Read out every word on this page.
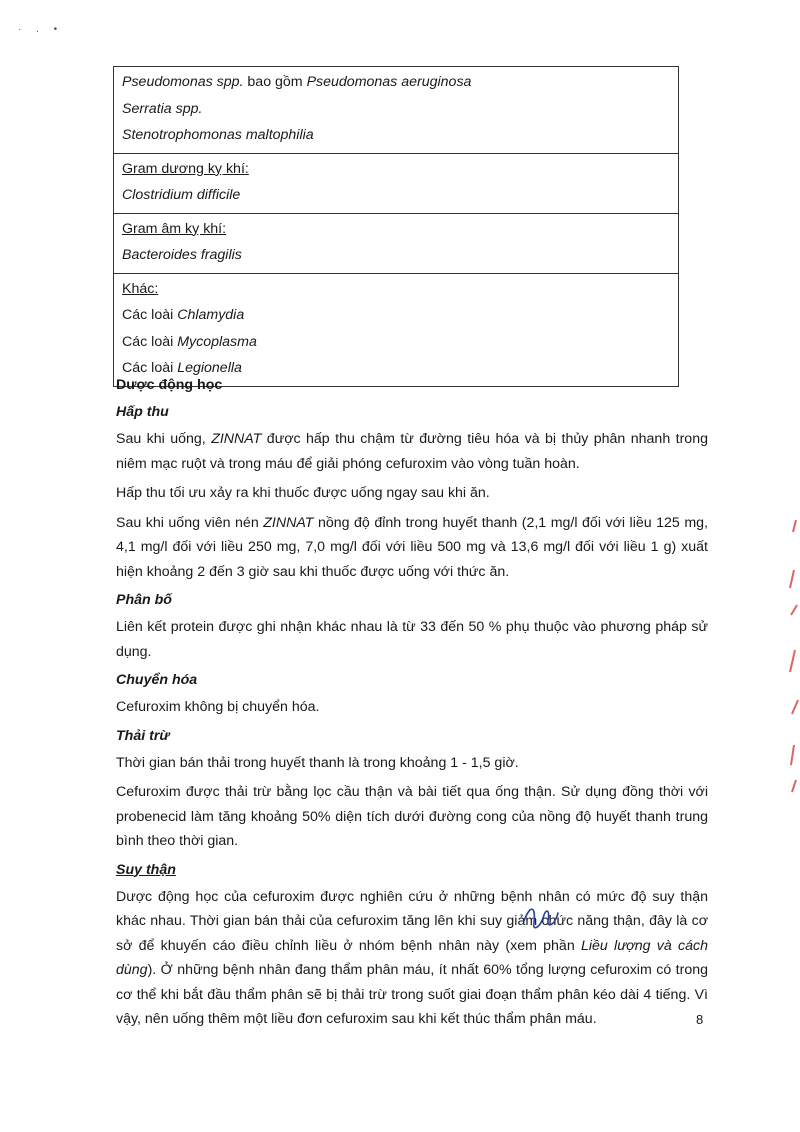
· . •
Pseudomonas spp. bao gồm Pseudomonas aeruginosa
Serratia spp.
Stenotrophomonas maltophilia

Gram dương kỵ khí:
Clostridium difficile

Gram âm kỵ khí:
Bacteroides fragilis

Khác:
Các loài Chlamydia
Các loài Mycoplasma
Các loài Legionella
Dược động học
Hấp thu

Sau khi uống, ZINNAT được hấp thu chậm từ đường tiêu hóa và bị thủy phân nhanh trong niêm mạc ruột và trong máu để giải phóng cefuroxim vào vòng tuần hoàn.

Hấp thu tối ưu xảy ra khi thuốc được uống ngay sau khi ăn.

Sau khi uống viên nén ZINNAT nồng độ đỉnh trong huyết thanh (2,1 mg/l đối với liều 125 mg, 4,1 mg/l đối với liều 250 mg, 7,0 mg/l đối với liều 500 mg và 13,6 mg/l đối với liều 1 g) xuất hiện khoảng 2 đến 3 giờ sau khi thuốc được uống với thức ăn.

Phân bố

Liên kết protein được ghi nhận khác nhau là từ 33 đến 50 % phụ thuộc vào phương pháp sử dụng.

Chuyển hóa

Cefuroxim không bị chuyển hóa.

Thải trừ

Thời gian bán thải trong huyết thanh là trong khoảng 1 - 1,5 giờ.

Cefuroxim được thải trừ bằng lọc cầu thận và bài tiết qua ống thận. Sử dụng đồng thời với probenecid làm tăng khoảng 50% diện tích dưới đường cong của nồng độ huyết thanh trung bình theo thời gian.

Suy thận

Dược động học của cefuroxim được nghiên cứu ở những bệnh nhân có mức độ suy thận khác nhau. Thời gian bán thải của cefuroxim tăng lên khi suy giảm chức năng thận, đây là cơ sở để khuyến cáo điều chỉnh liều ở nhóm bệnh nhân này (xem phần Liều lượng và cách dùng). Ở những bệnh nhân đang thẩm phân máu, ít nhất 60% tổng lượng cefuroxim có trong cơ thể khi bắt đầu thẩm phân sẽ bị thải trừ trong suốt giai đoạn thẩm phân kéo dài 4 tiếng. Vì vậy, nên uống thêm một liều đơn cefuroxim sau khi kết thúc thẩm phân máu.	8
